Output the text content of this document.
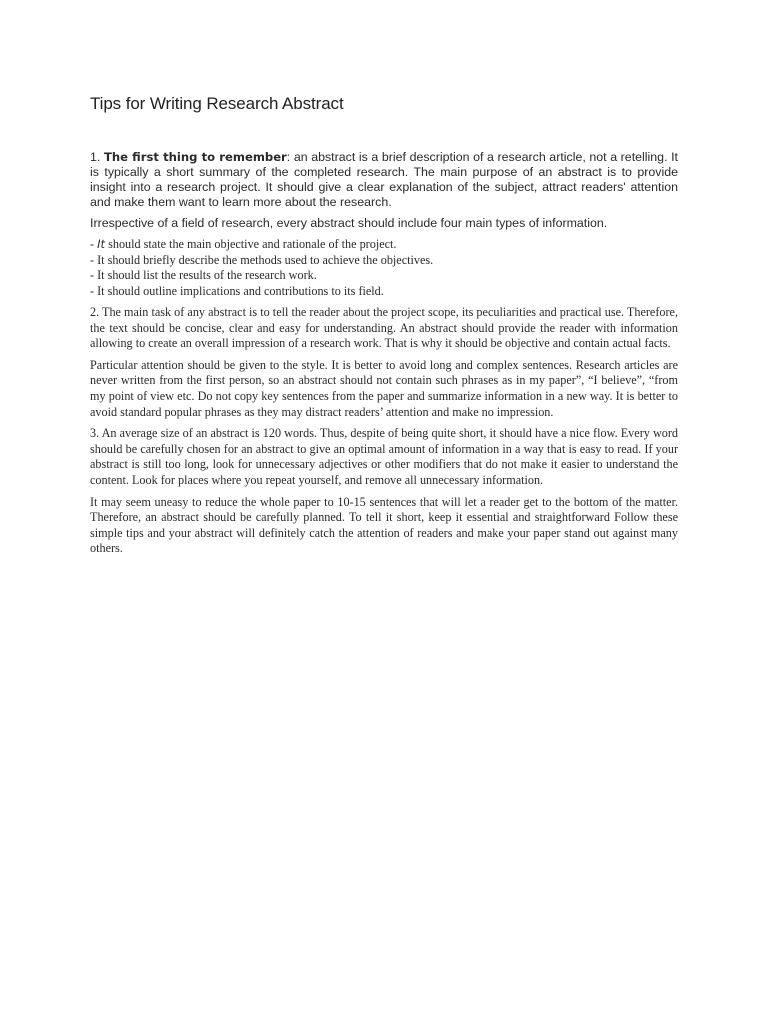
Tips for Writing Research Abstract

1. The first thing to remember: an abstract is a brief description of a research article, not a retelling. It is typically a short summary of the completed research. The main purpose of an abstract is to provide insight into a research project. It should give a clear explanation of the subject, attract readers' attention and make them want to learn more about the research.

Irrespective of a field of research, every abstract should include four main types of information.

- It should state the main objective and rationale of the project.
- It should briefly describe the methods used to achieve the objectives.
- It should list the results of the research work.
- It should outline implications and contributions to its field.

2. The main task of any abstract is to tell the reader about the project scope, its peculiarities and practical use. Therefore, the text should be concise, clear and easy for understanding. An abstract should provide the reader with information allowing to create an overall impression of a research work. That is why it should be objective and contain actual facts.

Particular attention should be given to the style. It is better to avoid long and complex sentences. Research articles are never written from the first person, so an abstract should not contain such phrases as in my paper”, “I believe”, “from my point of view etc. Do not copy key sentences from the paper and summarize information in a new way. It is better to avoid standard popular phrases as they may distract readers’ attention and make no impression.

3. An average size of an abstract is 120 words. Thus, despite of being quite short, it should have a nice flow. Every word should be carefully chosen for an abstract to give an optimal amount of information in a way that is easy to read. If your abstract is still too long, look for unnecessary adjectives or other modifiers that do not make it easier to understand the content. Look for places where you repeat yourself, and remove all unnecessary information.

It may seem uneasy to reduce the whole paper to 10-15 sentences that will let a reader get to the bottom of the matter. Therefore, an abstract should be carefully planned. To tell it short, keep it essential and straightforward Follow these simple tips and your abstract will definitely catch the attention of readers and make your paper stand out against many others.
